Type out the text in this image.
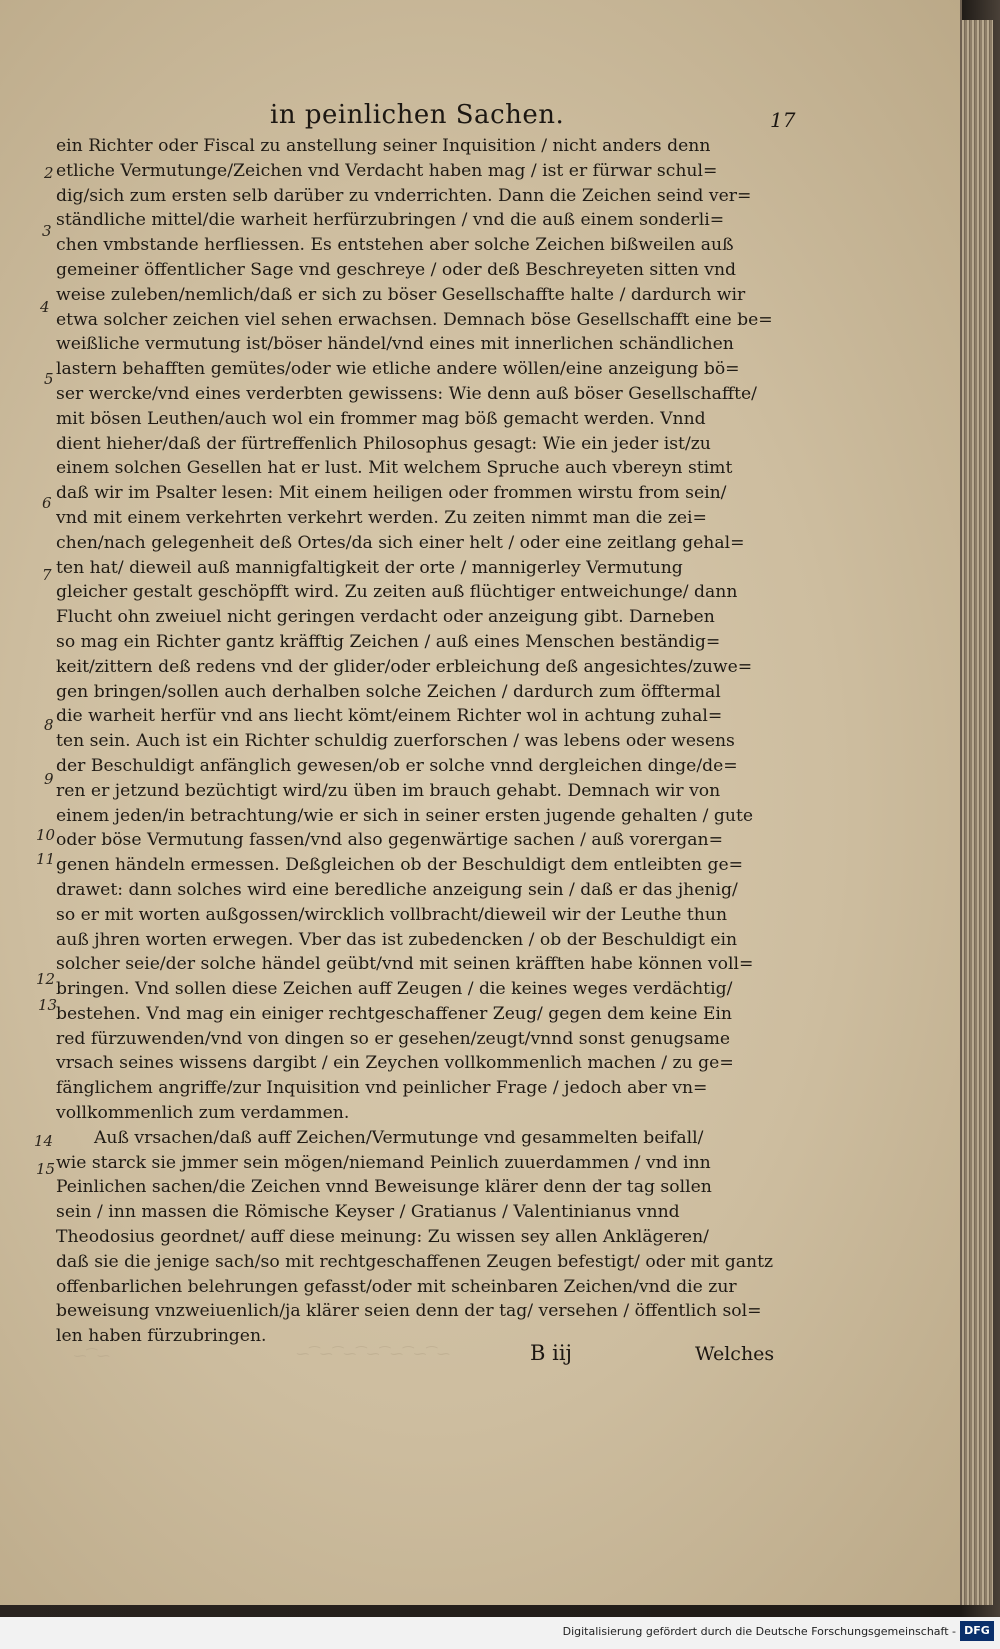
in peinlichen Sachen.	17
2
3
4
5
6
7
8
9
10
11
12
13
14
15
ein Richter oder Fiscal zu anstellung seiner Inquisition / nicht anders denn
etliche Vermutunge/Zeichen vnd Verdacht haben mag / ist er fürwar schul=
dig/sich zum ersten selb darüber zu vnderrichten. Dann die Zeichen seind ver=
ständliche mittel/die warheit herfürzubringen / vnd die auß einem sonderli=
chen vmbstande herfliessen. Es entstehen aber solche Zeichen bißweilen auß
gemeiner öffentlicher Sage vnd geschreye / oder deß Beschreyeten sitten vnd
weise zuleben/nemlich/daß er sich zu böser Gesellschaffte halte / dardurch wir
etwa solcher zeichen viel sehen erwachsen. Demnach böse Gesellschafft eine be=
weißliche vermutung ist/böser händel/vnd eines mit innerlichen schändlichen
lastern behafften gemütes/oder wie etliche andere wöllen/eine anzeigung bö=
ser wercke/vnd eines verderbten gewissens: Wie denn auß böser Gesellschaffte/
mit bösen Leuthen/auch wol ein frommer mag böß gemacht werden. Vnnd
dient hieher/daß der fürtreffenlich Philosophus gesagt: Wie ein jeder ist/zu
einem solchen Gesellen hat er lust. Mit welchem Spruche auch vbereyn stimt
daß wir im Psalter lesen: Mit einem heiligen oder frommen wirstu from sein/
vnd mit einem verkehrten verkehrt werden. Zu zeiten nimmt man die zei=
chen/nach gelegenheit deß Ortes/da sich einer helt / oder eine zeitlang gehal=
ten hat/ dieweil auß mannigfaltigkeit der orte / mannigerley Vermutung
gleicher gestalt geschöpfft wird. Zu zeiten auß flüchtiger entweichunge/ dann
Flucht ohn zweiuel nicht geringen verdacht oder anzeigung gibt. Darneben
so mag ein Richter gantz kräfftig Zeichen / auß eines Menschen beständig=
keit/zittern deß redens vnd der glider/oder erbleichung deß angesichtes/zuwe=
gen bringen/sollen auch derhalben solche Zeichen / dardurch zum öfftermal
die warheit herfür vnd ans liecht kömt/einem Richter wol in achtung zuhal=
ten sein. Auch ist ein Richter schuldig zuerforschen / was lebens oder wesens
der Beschuldigt anfänglich gewesen/ob er solche vnnd dergleichen dinge/de=
ren er jetzund bezüchtigt wird/zu üben im brauch gehabt. Demnach wir von
einem jeden/in betrachtung/wie er sich in seiner ersten jugende gehalten / gute
oder böse Vermutung fassen/vnd also gegenwärtige sachen / auß vorergan=
genen händeln ermessen. Deßgleichen ob der Beschuldigt dem entleibten ge=
drawet: dann solches wird eine beredliche anzeigung sein / daß er das jhenig/
so er mit worten außgossen/wircklich vollbracht/dieweil wir der Leuthe thun
auß jhren worten erwegen. Vber das ist zubedencken / ob der Beschuldigt ein
solcher seie/der solche händel geübt/vnd mit seinen kräfften habe können voll=
bringen. Vnd sollen diese Zeichen auff Zeugen / die keines weges verdächtig/
bestehen. Vnd mag ein einiger rechtgeschaffener Zeug/ gegen dem keine Ein
red fürzuwenden/vnd von dingen so er gesehen/zeugt/vnnd sonst genugsame
vrsach seines wissens dargibt / ein Zeychen vollkommenlich machen / zu ge=
fänglichem angriffe/zur Inquisition vnd peinlicher Frage / jedoch aber vn=
vollkommenlich zum verdammen.
Auß vrsachen/daß auff Zeichen/Vermutunge vnd gesammelten beifall/
wie starck sie jmmer sein mögen/niemand Peinlich zuuerdammen / vnd inn
Peinlichen sachen/die Zeichen vnnd Beweisunge klärer denn der tag sollen
sein / inn massen die Römische Keyser / Gratianus / Valentinianus vnnd
Theodosius geordnet/ auff diese meinung: Zu wissen sey allen Anklägeren/
daß sie die jenige sach/so mit rechtgeschaffenen Zeugen befestigt/ oder mit gantz
offenbarlichen belehrungen gefasst/oder mit scheinbaren Zeichen/vnd die zur
beweisung vnzweiuenlich/ja klärer seien denn der tag/ versehen / öffentlich sol=
len haben fürzubringen.
⁓⁀⁓	⁓⁀⁓⁀⁓⁀⁓⁀⁓⁀⁓⁀⁓	B iij	Welches
Digitalisierung gefördert durch die Deutsche Forschungsgemeinschaft - DFG
